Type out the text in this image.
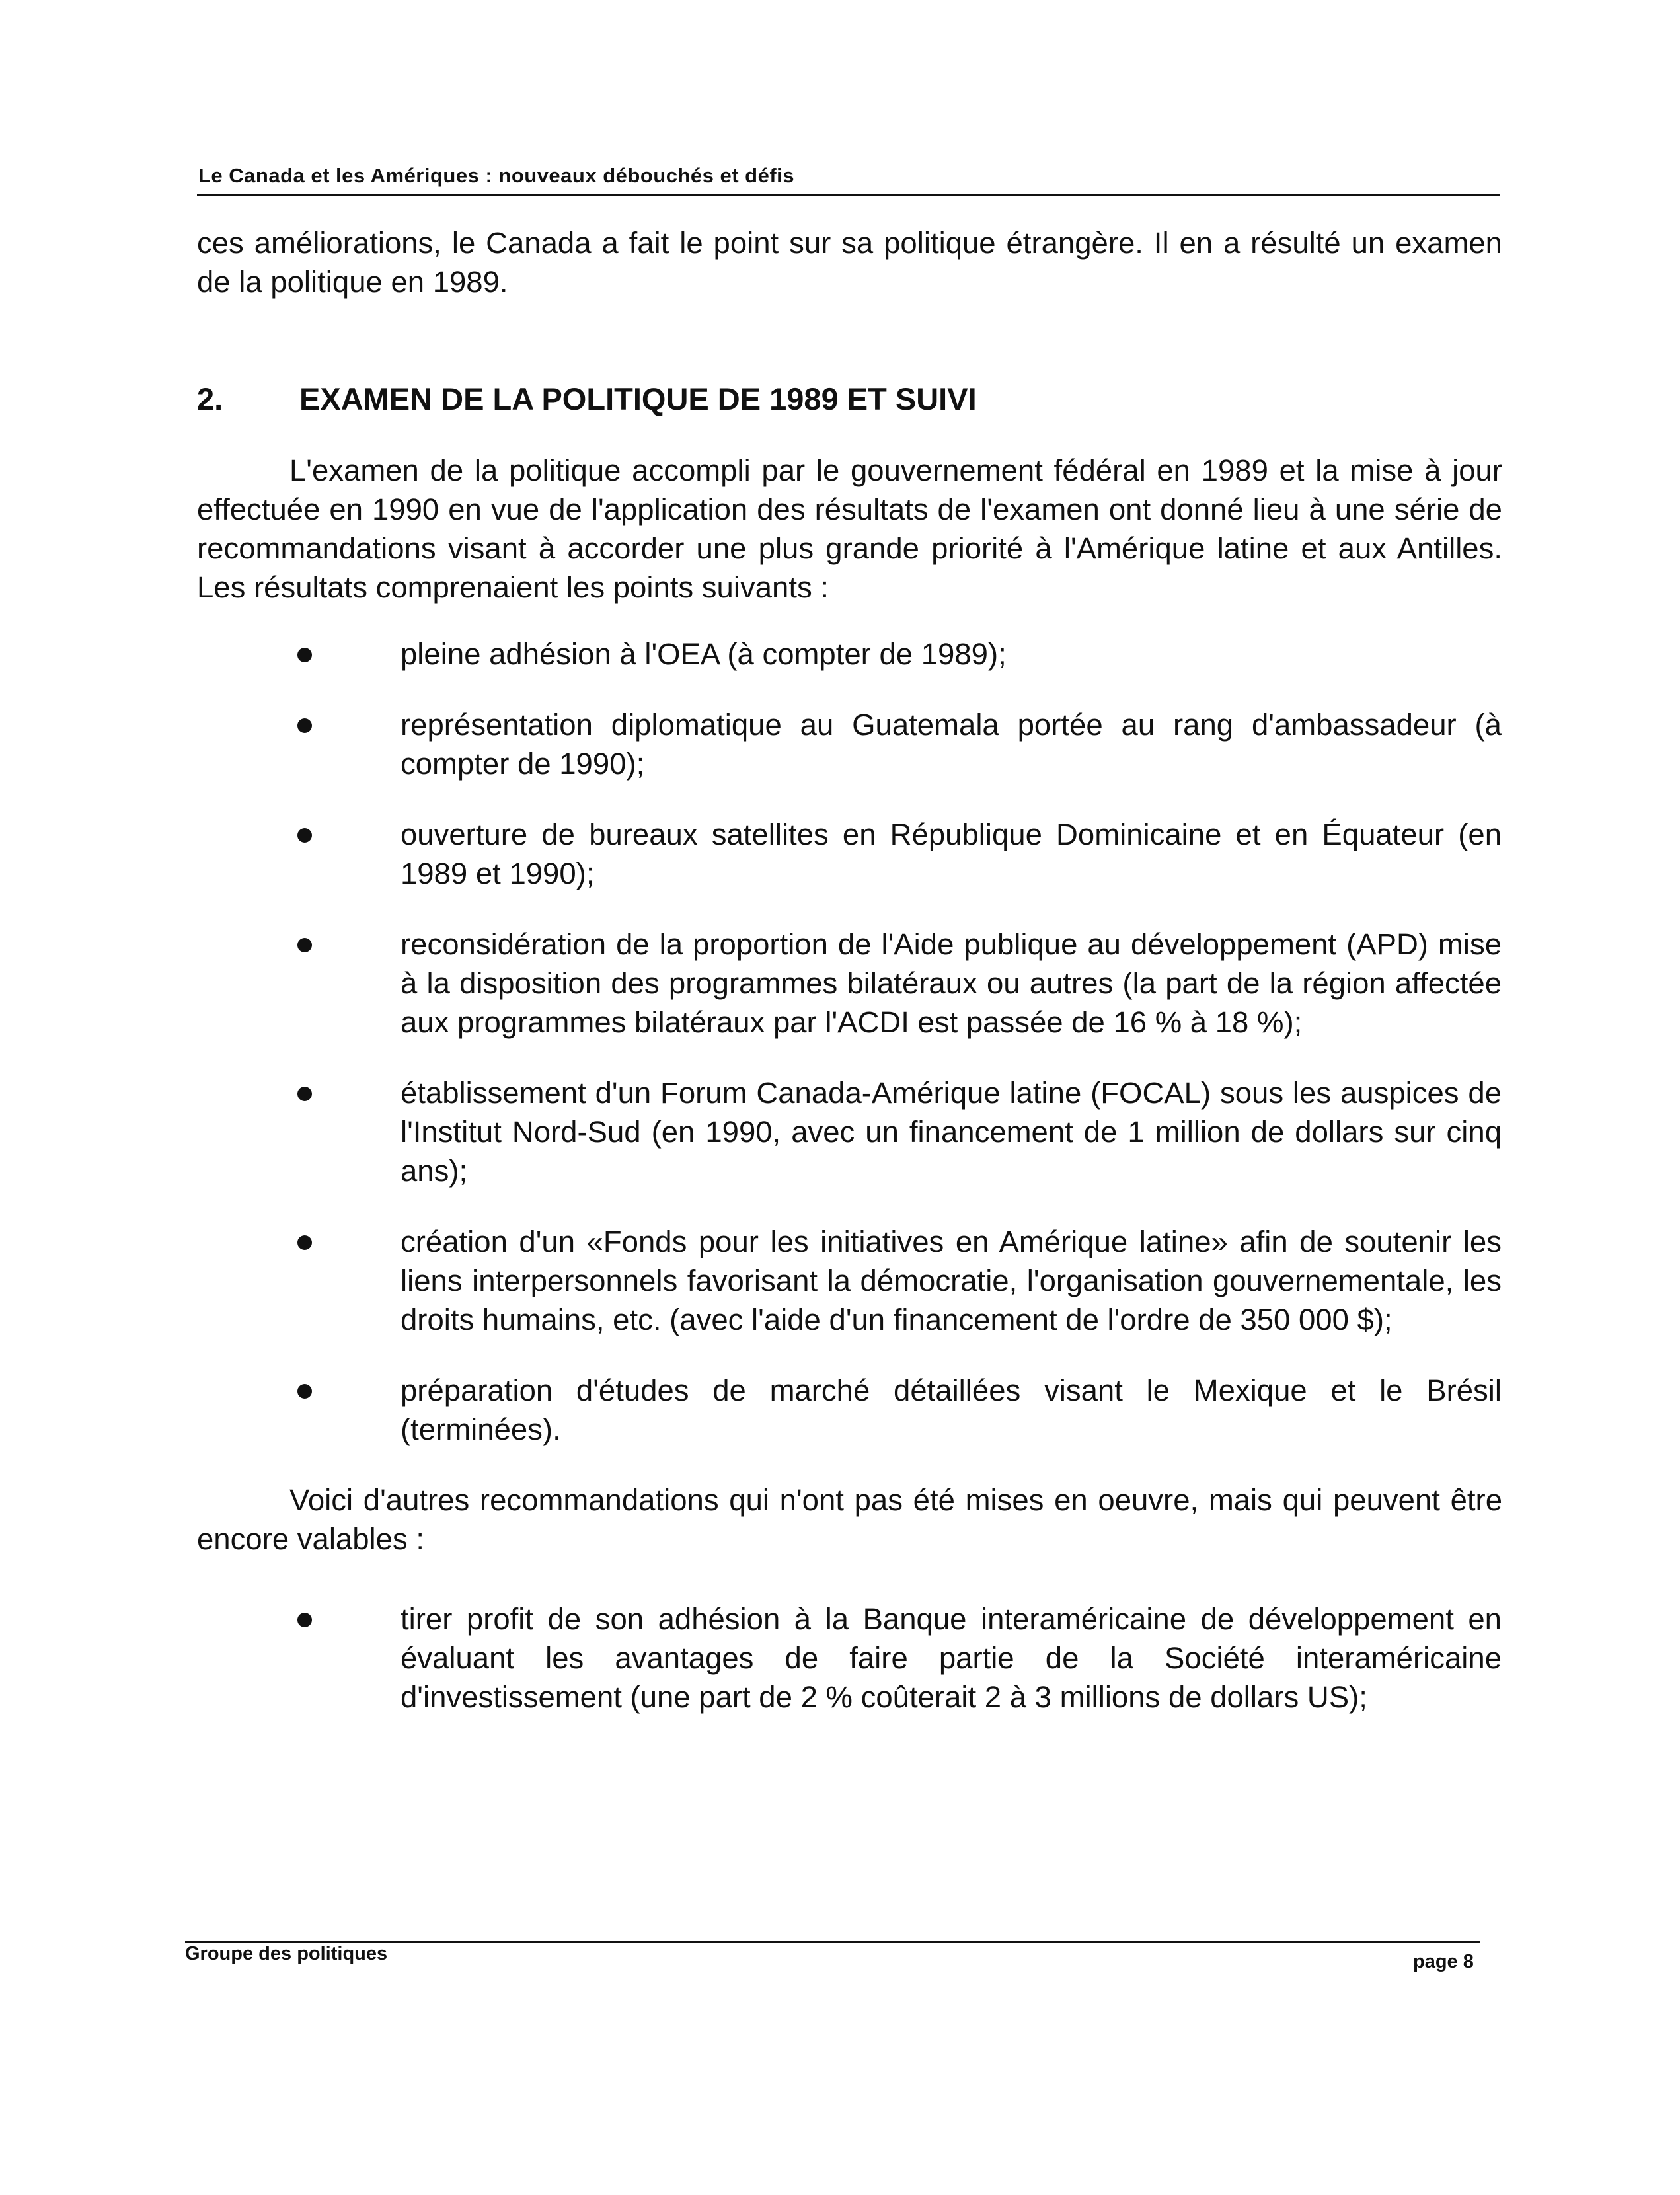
Le Canada et les Amériques : nouveaux débouchés et défis

ces améliorations, le Canada a fait le point sur sa politique étrangère. Il en a résulté un examen de la politique en 1989.

2.	EXAMEN DE LA POLITIQUE DE 1989 ET SUIVI

L'examen de la politique accompli par le gouvernement fédéral en 1989 et la mise à jour effectuée en 1990 en vue de l'application des résultats de l'examen ont donné lieu à une série de recommandations visant à accorder une plus grande priorité à l'Amérique latine et aux Antilles. Les résultats comprenaient les points suivants :

pleine adhésion à l'OEA (à compter de 1989);
représentation diplomatique au Guatemala portée au rang d'ambassadeur (à compter de 1990);
ouverture de bureaux satellites en République Dominicaine et en Équateur (en 1989 et 1990);
reconsidération de la proportion de l'Aide publique au développement (APD) mise à la disposition des programmes bilatéraux ou autres (la part de la région affectée aux programmes bilatéraux par l'ACDI est passée de 16 % à 18 %);
établissement d'un Forum Canada-Amérique latine (FOCAL) sous les auspices de l'Institut Nord-Sud (en 1990, avec un financement de 1 million de dollars sur cinq ans);
création d'un «Fonds pour les initiatives en Amérique latine» afin de soutenir les liens interpersonnels favorisant la démocratie, l'organisation gouvernementale, les droits humains, etc. (avec l'aide d'un financement de l'ordre de 350 000 $);
préparation d'études de marché détaillées visant le Mexique et le Brésil (terminées).

Voici d'autres recommandations qui n'ont pas été mises en oeuvre, mais qui peuvent être encore valables :

tirer profit de son adhésion à la Banque interaméricaine de développement en évaluant les avantages de faire partie de la Société interaméricaine d'investissement (une part de 2 % coûterait 2 à 3 millions de dollars US);
Groupe des politiques	page 8
